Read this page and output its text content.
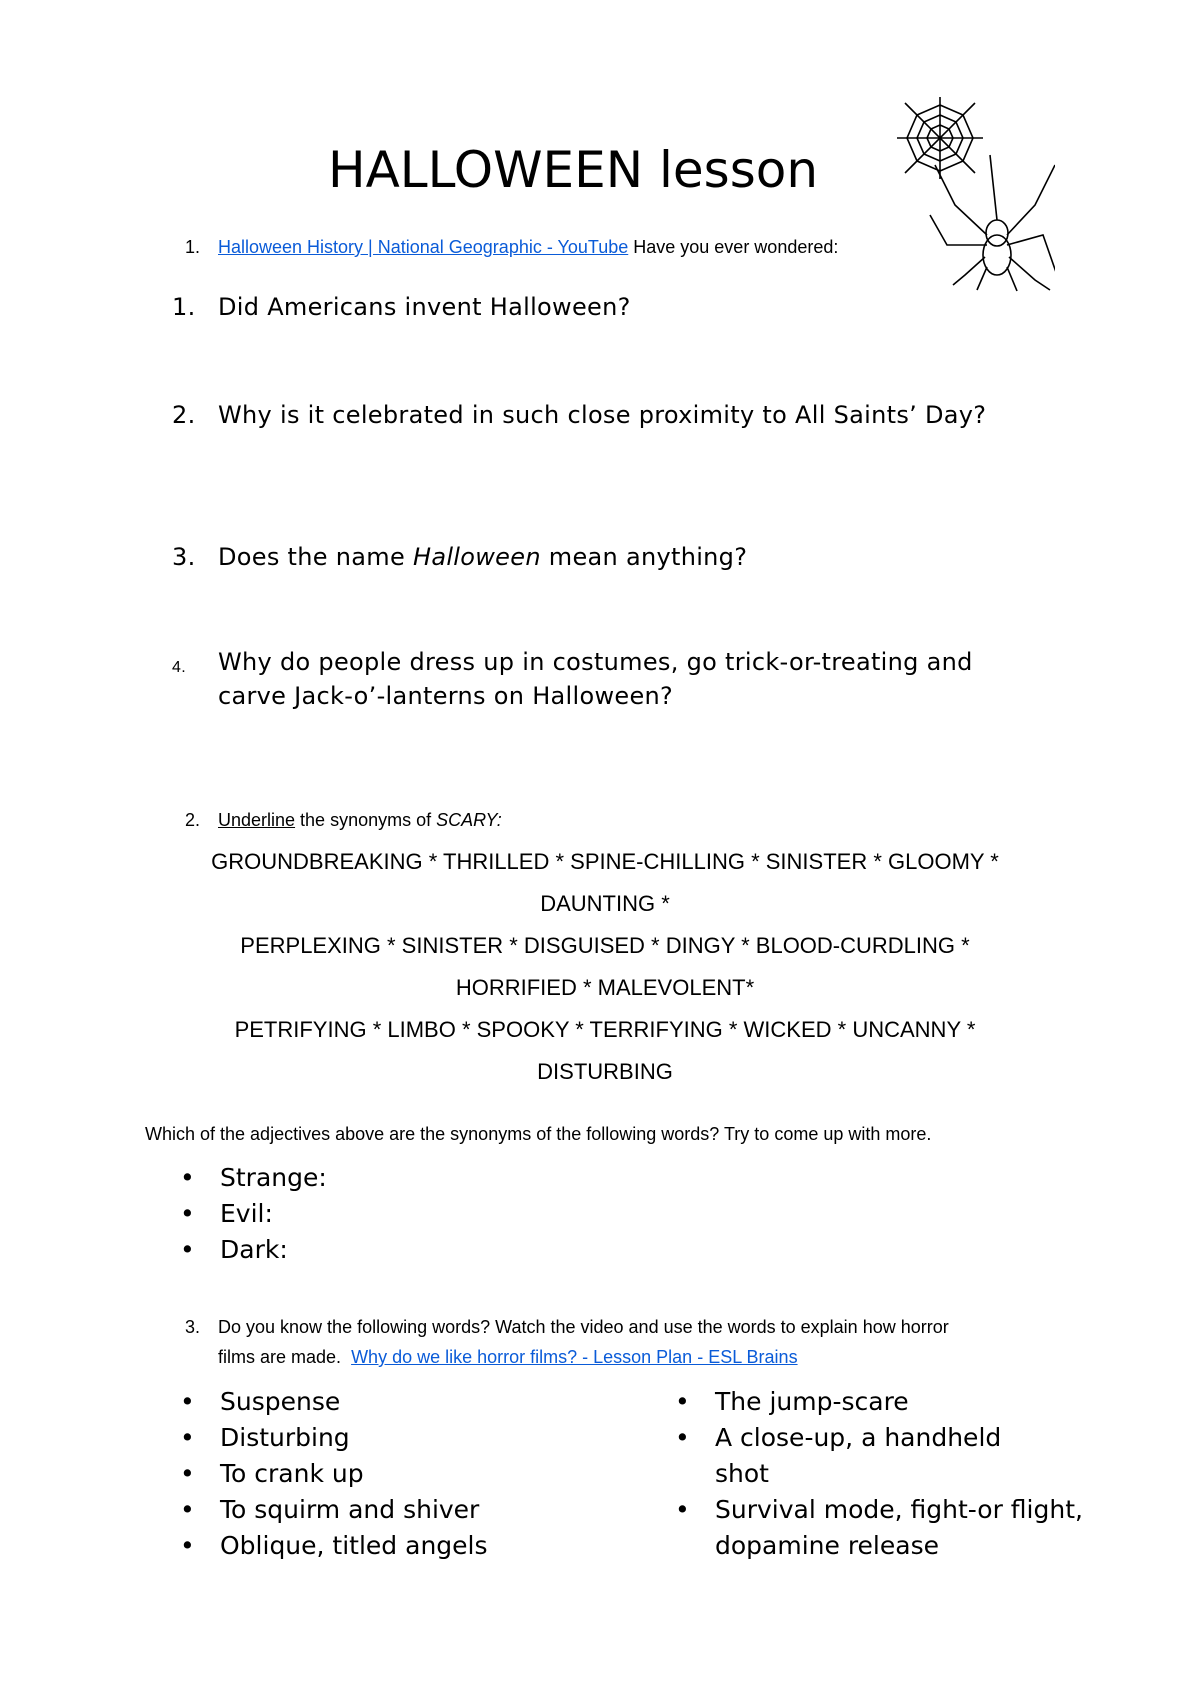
HALLOWEEN lesson
1. Halloween History | National Geographic - YouTube Have you ever wondered:
1. Did Americans invent Halloween?
2. Why is it celebrated in such close proximity to All Saints’ Day?
3. Does the name Halloween mean anything?
4. Why do people dress up in costumes, go trick-or-treating and carve Jack-o’-lanterns on Halloween?
2. Underline the synonyms of SCARY:
GROUNDBREAKING * THRILLED * SPINE-CHILLING * SINISTER * GLOOMY *
DAUNTING *
PERPLEXING * SINISTER * DISGUISED * DINGY * BLOOD-CURDLING *
HORRIFIED * MALEVOLENT*
PETRIFYING * LIMBO * SPOOKY * TERRIFYING * WICKED * UNCANNY *
DISTURBING
Which of the adjectives above are the synonyms of the following words? Try to come up with more.
• Strange:
• Evil:
• Dark:
3. Do you know the following words? Watch the video and use the words to explain how horror
films are made. Why do we like horror films? - Lesson Plan - ESL Brains
• Suspense
• Disturbing
• To crank up
• To squirm and shiver
• Oblique, titled angels
• The jump-scare
• A close-up, a handheld shot
• Survival mode, fight-or flight, dopamine release
